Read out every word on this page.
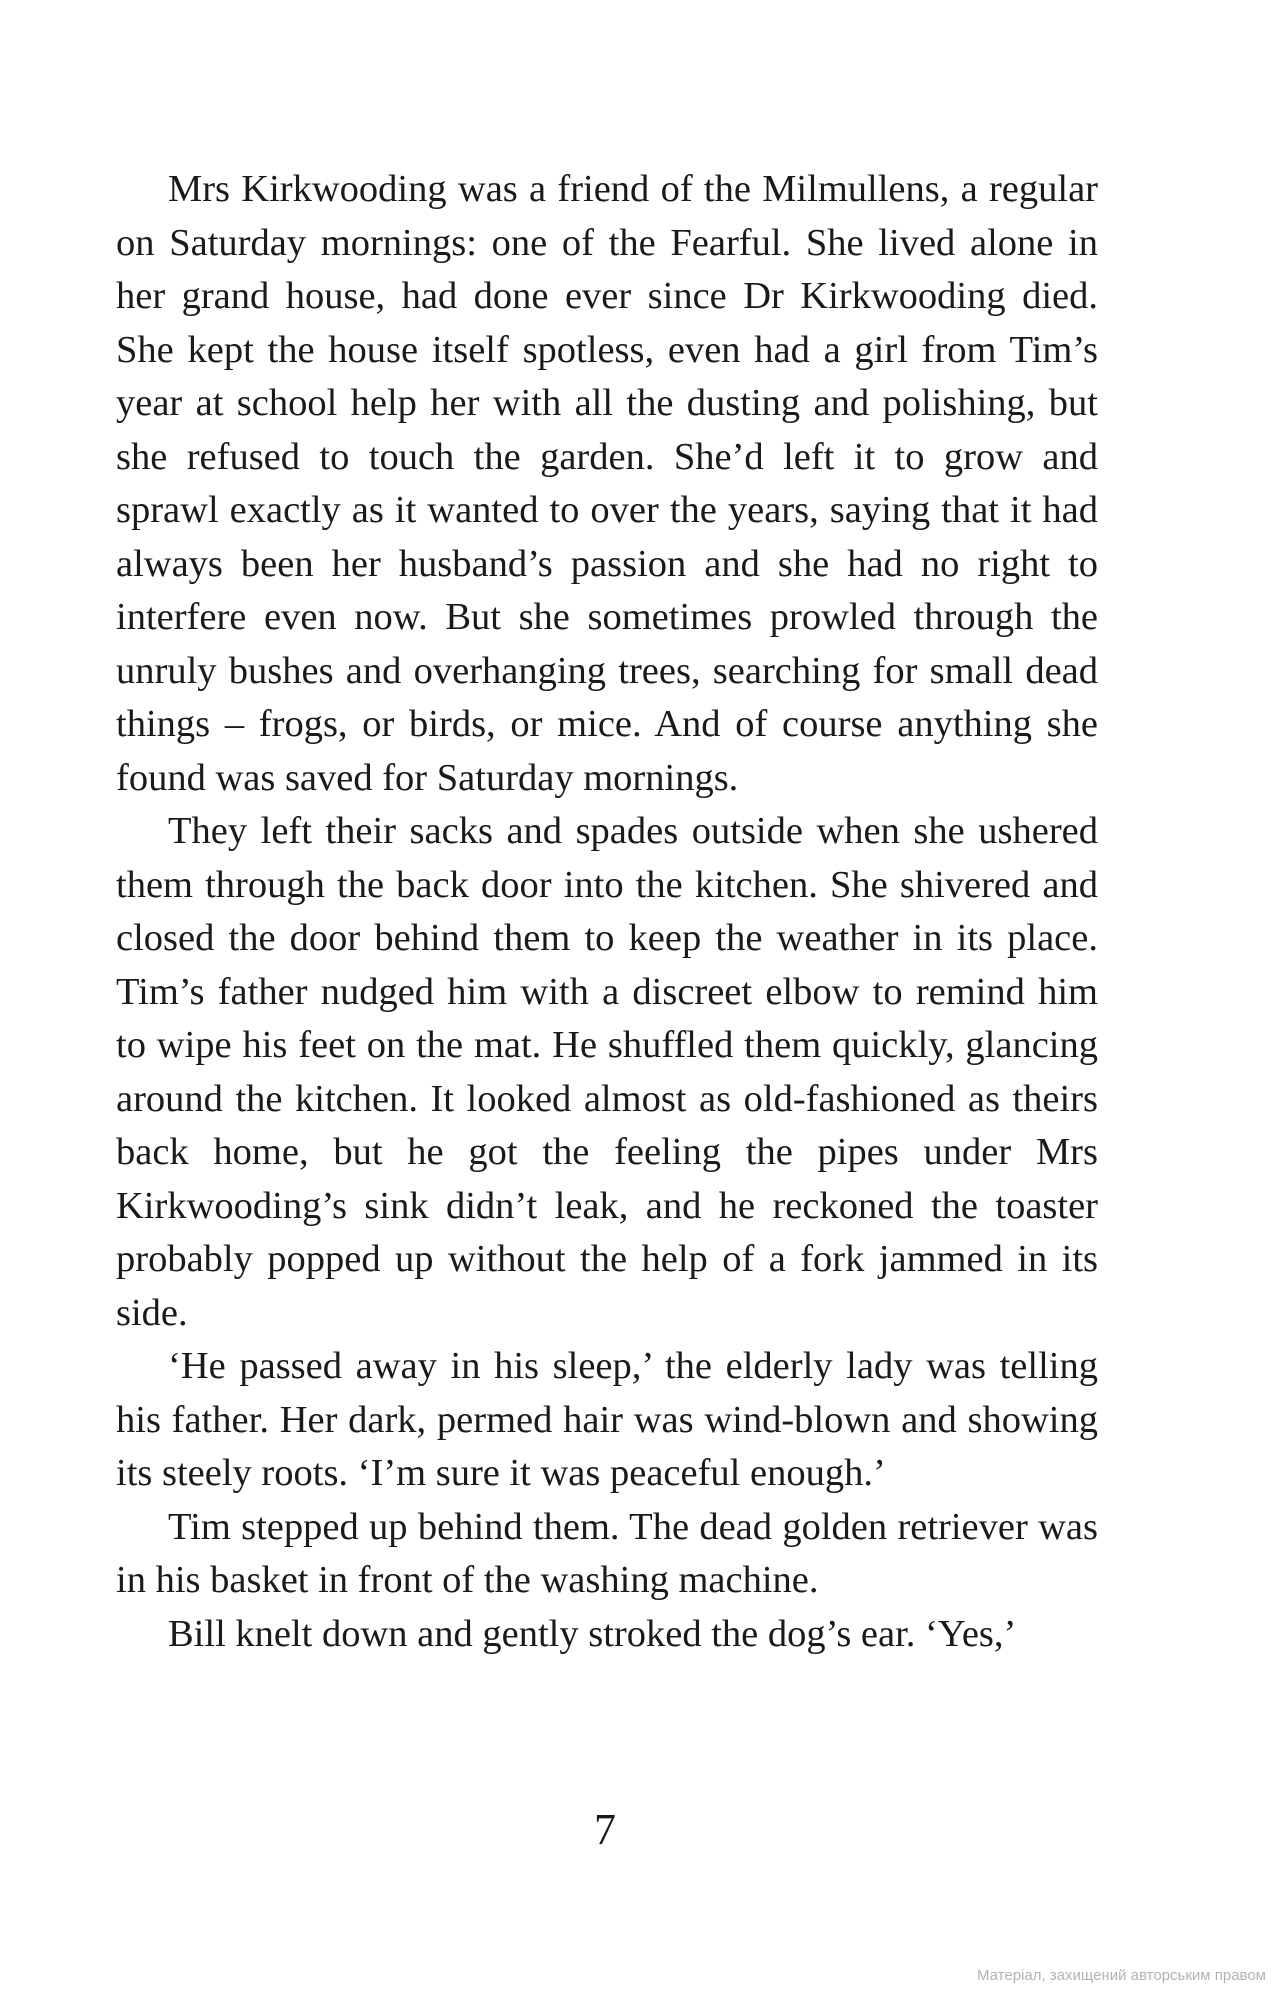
Mrs Kirkwooding was a friend of the Milmullens, a regular on Saturday mornings: one of the Fearful. She lived alone in her grand house, had done ever since Dr Kirkwooding died. She kept the house itself spotless, even had a girl from Tim’s year at school help her with all the dusting and polishing, but she refused to touch the garden. She’d left it to grow and sprawl exactly as it wanted to over the years, saying that it had always been her husband’s passion and she had no right to interfere even now. But she sometimes prowled through the unruly bushes and overhanging trees, searching for small dead things – frogs, or birds, or mice. And of course anything she found was saved for Saturday mornings.

They left their sacks and spades outside when she ushered them through the back door into the kitchen. She shivered and closed the door behind them to keep the weather in its place. Tim’s father nudged him with a discreet elbow to remind him to wipe his feet on the mat. He shuffled them quickly, glancing around the kitchen. It looked almost as old-fashioned as theirs back home, but he got the feeling the pipes under Mrs Kirkwooding’s sink didn’t leak, and he reckoned the toaster probably popped up without the help of a fork jammed in its side.

‘He passed away in his sleep,’ the elderly lady was telling his father. Her dark, permed hair was wind-blown and showing its steely roots. ‘I’m sure it was peaceful enough.’

Tim stepped up behind them. The dead golden retriever was in his basket in front of the washing machine.

Bill knelt down and gently stroked the dog’s ear. ‘Yes,’

7
Матеріал, захищений авторським правом
